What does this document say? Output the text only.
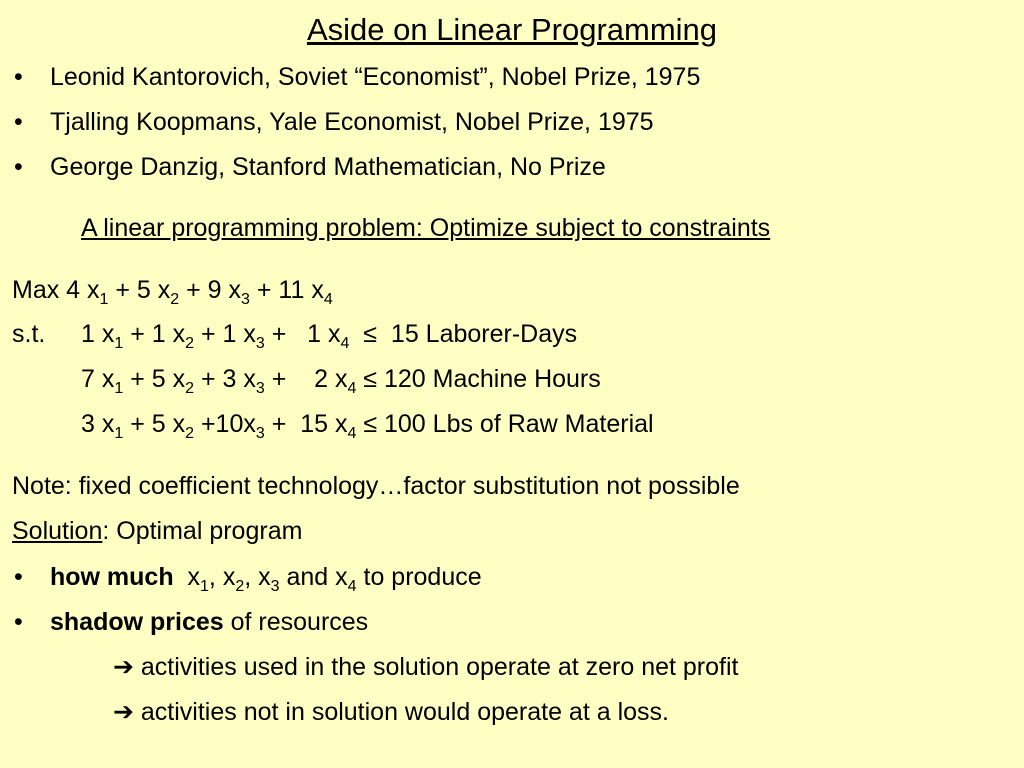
Aside on Linear Programming
• Leonid Kantorovich, Soviet “Economist”, Nobel Prize, 1975
• Tjalling Koopmans, Yale Economist, Nobel Prize, 1975
• George Danzig, Stanford Mathematician, No Prize
A linear programming problem: Optimize subject to constraints
Max 4 $x_1 + 5$ $x_2 + 9$ $x_3 + 11$ $x_4$
s.t. 1 $x_1 + 1$ $x_2 + 1$ $x_3 + 1$ $x_4 \le 15$ Laborer-Days
7 $x_1 + 5$ $x_2 + 3$ $x_3$ +    2 $x_4 \le 120$ Machine Hours
3 $x_1 + 5$ $x_2 +10x_3 + 15$ $x_4 \le 100$ Lbs of Raw Material
Note: fixed coefficient technology…factor substitution not possible
Solution: Optimal program
• how much  $x_1$, $x_2$, $x_3$ and $x_4$ to produce
• shadow prices of resources
➔ activities used in the solution operate at zero net profit
➔ activities not in solution would operate at a loss.
